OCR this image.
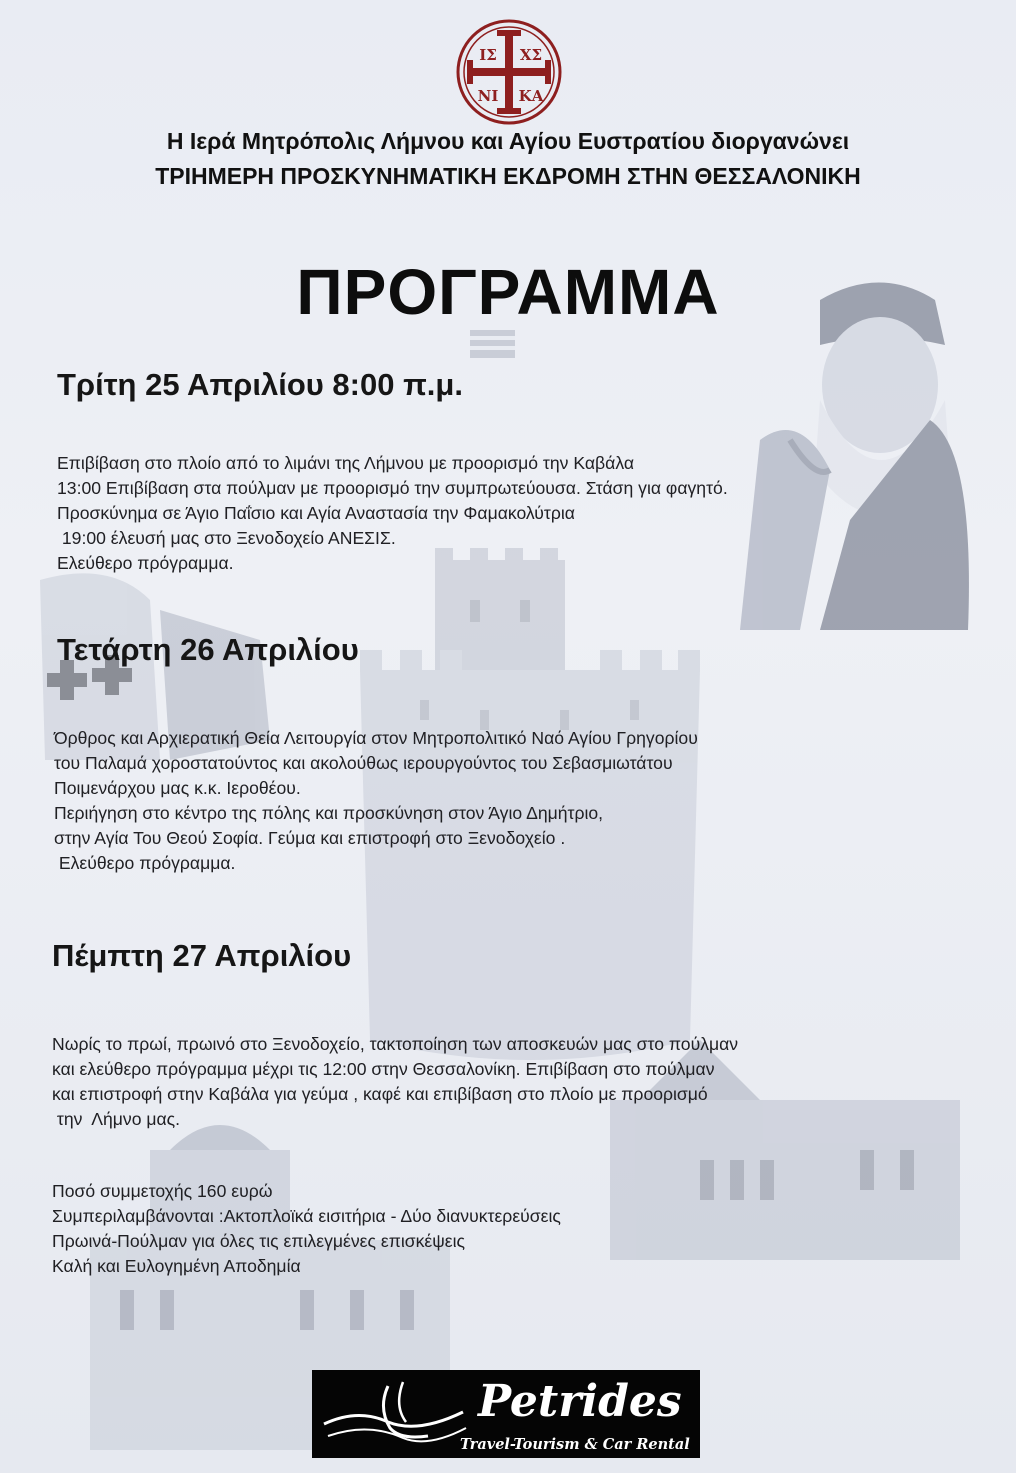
ΙΣ ΧΣ
ΝΙ ΚΑ
Η Ιερά Μητρόπολις Λήμνου και Αγίου Ευστρατίου διοργανώνει
ΤΡΙΗΜΕΡΗ ΠΡΟΣΚΥΝΗΜΑΤΙΚΗ ΕΚΔΡΟΜΗ ΣΤΗΝ ΘΕΣΣΑΛΟΝΙΚΗ
ΠΡΟΓΡΑΜΜΑ
Τρίτη 25 Απριλίου 8:00 π.μ.
Επιβίβαση στο πλοίο από το λιμάνι της Λήμνου με προορισμό την Καβάλα
13:00 Επιβίβαση στα πούλμαν με προορισμό την συμπρωτεύουσα. Στάση για φαγητό.
Προσκύνημα σε Άγιο Παΐσιο και Αγία Αναστασία την Φαμακολύτρια
19:00 έλευσή μας στο Ξενοδοχείο ΑΝΕΣΙΣ.
Ελεύθερο πρόγραμμα.
Τετάρτη 26 Απριλίου
Όρθρος και Αρχιερατική Θεία Λειτουργία στον Μητροπολιτικό Ναό Αγίου Γρηγορίου
του Παλαμά χοροστατούντος και ακολούθως ιερουργούντος του Σεβασμιωτάτου
Ποιμενάρχου μας κ.κ. Ιεροθέου.
Περιήγηση στο κέντρο της πόλης και προσκύνηση στον Άγιο Δημήτριο,
στην Αγία Του Θεού Σοφία. Γεύμα και επιστροφή στο Ξενοδοχείο .
Ελεύθερο πρόγραμμα.
Πέμπτη 27 Απριλίου
Νωρίς το πρωί, πρωινό στο Ξενοδοχείο, τακτοποίηση των αποσκευών μας στο πούλμαν
και ελεύθερο πρόγραμμα μέχρι τις 12:00 στην Θεσσαλονίκη. Επιβίβαση στο πούλμαν
και επιστροφή στην Καβάλα για γεύμα , καφέ και επιβίβαση στο πλοίο με προορισμό
την  Λήμνο μας.
Ποσό συμμετοχής 160 ευρώ
Συμπεριλαμβάνονται :Ακτοπλοϊκά εισιτήρια - Δύο διανυκτερεύσεις
Πρωινά-Πούλμαν για όλες τις επιλεγμένες επισκέψεις
Καλή και Ευλογημένη Αποδημία
Petrides
Travel-Tourism & Car Rental
